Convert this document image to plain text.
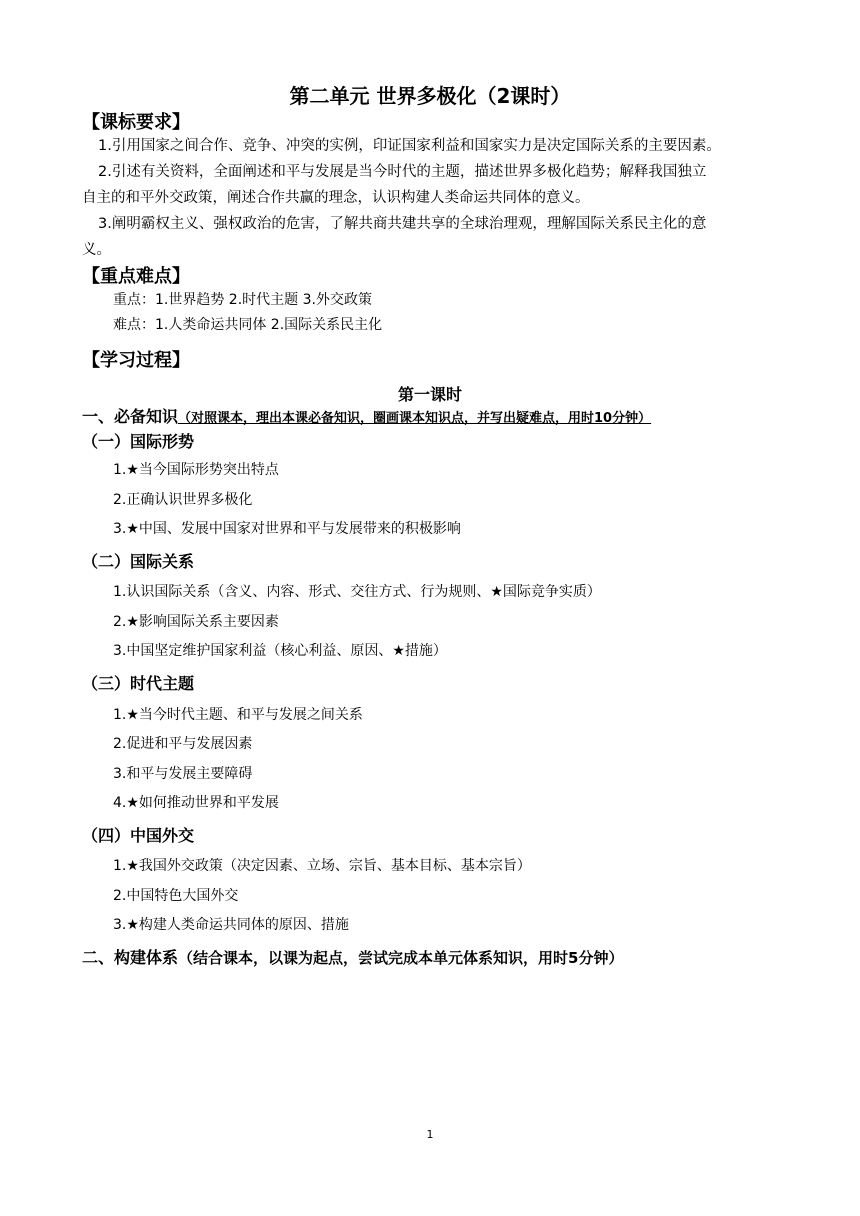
第二单元 世界多极化（2课时）
【课标要求】
1.引用国家之间合作、竞争、冲突的实例，印证国家利益和国家实力是决定国际关系的主要因素。
2.引述有关资料，全面阐述和平与发展是当今时代的主题，描述世界多极化趋势；解释我国独立
自主的和平外交政策，阐述合作共赢的理念，认识构建人类命运共同体的意义。
3.阐明霸权主义、强权政治的危害，了解共商共建共享的全球治理观，理解国际关系民主化的意
义。
【重点难点】
重点：1.世界趋势 2.时代主题 3.外交政策
难点：1.人类命运共同体 2.国际关系民主化
【学习过程】
第一课时
一、必备知识（对照课本，理出本课必备知识，圈画课本知识点，并写出疑难点，用时10分钟）
（一）国际形势
1.★当今国际形势突出特点
2.正确认识世界多极化
3.★中国、发展中国家对世界和平与发展带来的积极影响
（二）国际关系
1.认识国际关系（含义、内容、形式、交往方式、行为规则、★国际竞争实质）
2.★影响国际关系主要因素
3.中国坚定维护国家利益（核心利益、原因、★措施）
（三）时代主题
1.★当今时代主题、和平与发展之间关系
2.促进和平与发展因素
3.和平与发展主要障碍
4.★如何推动世界和平发展
（四）中国外交
1.★我国外交政策（决定因素、立场、宗旨、基本目标、基本宗旨）
2.中国特色大国外交
3.★构建人类命运共同体的原因、措施
二、构建体系（结合课本，以课为起点，尝试完成本单元体系知识，用时5分钟）
1
